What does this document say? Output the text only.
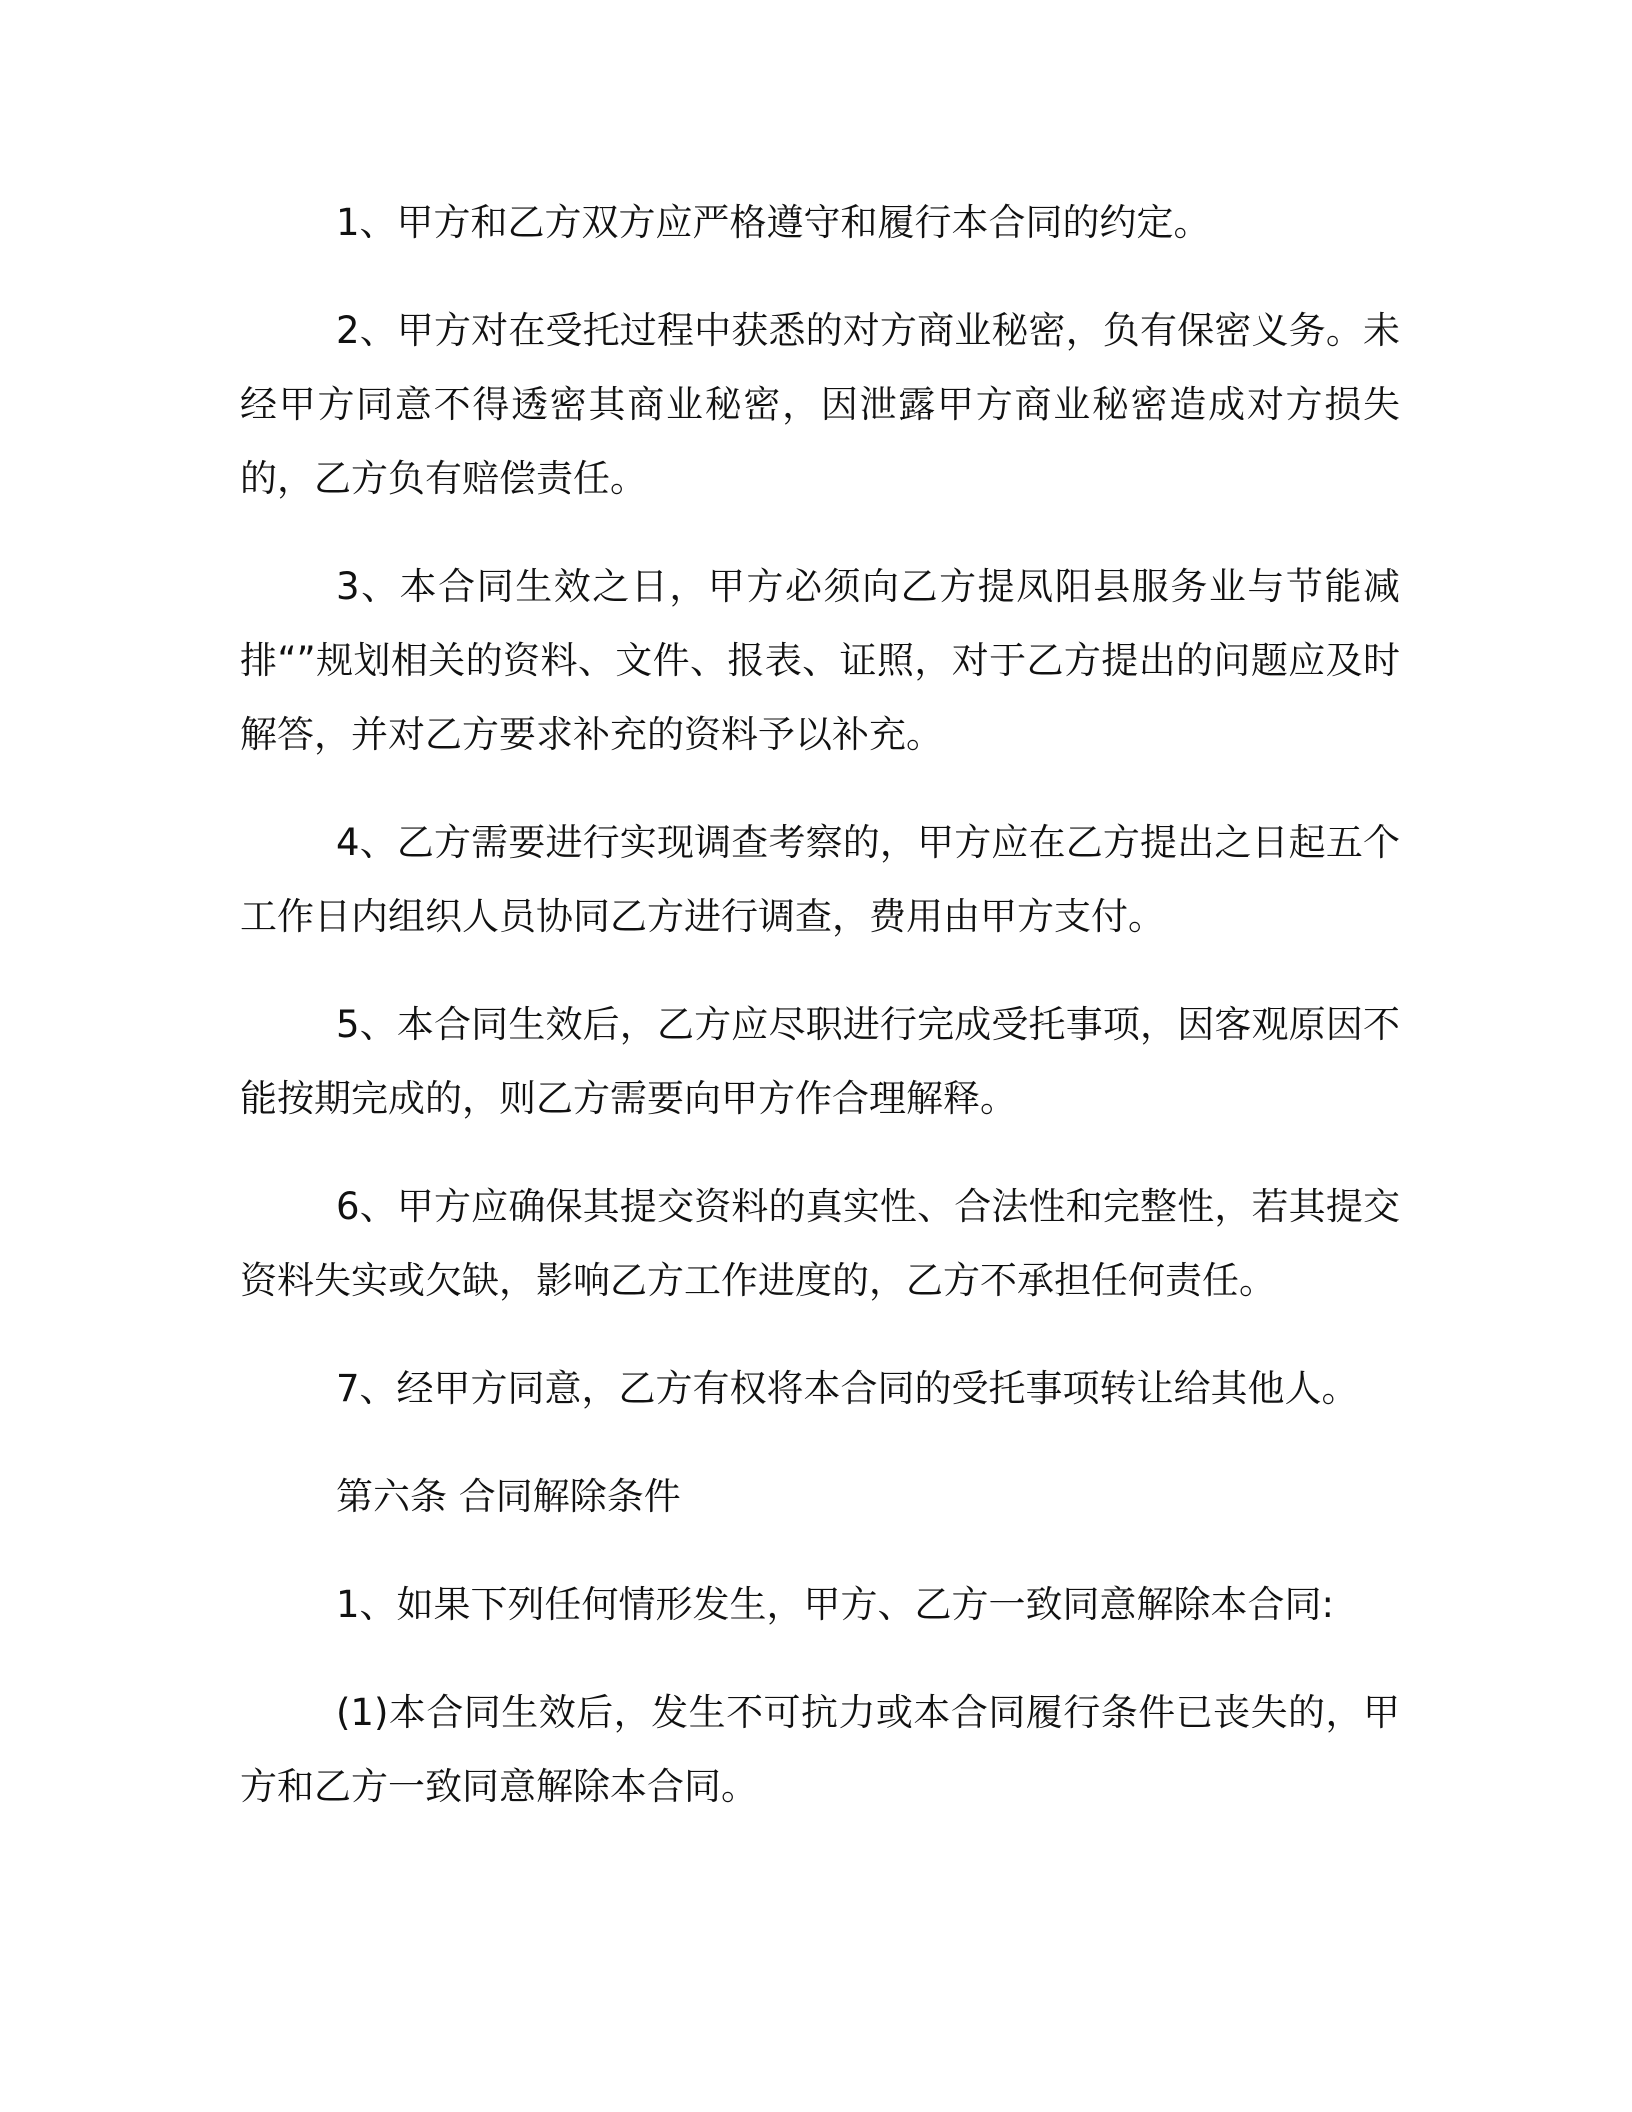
1、甲方和乙方双方应严格遵守和履行本合同的约定。

2、甲方对在受托过程中获悉的对方商业秘密，负有保密义务。未经甲方同意不得透密其商业秘密，因泄露甲方商业秘密造成对方损失的，乙方负有赔偿责任。

3、本合同生效之日，甲方必须向乙方提凤阳县服务业与节能减排“”规划相关的资料、文件、报表、证照，对于乙方提出的问题应及时解答，并对乙方要求补充的资料予以补充。

4、乙方需要进行实现调查考察的，甲方应在乙方提出之日起五个工作日内组织人员协同乙方进行调查，费用由甲方支付。

5、本合同生效后，乙方应尽职进行完成受托事项，因客观原因不能按期完成的，则乙方需要向甲方作合理解释。

6、甲方应确保其提交资料的真实性、合法性和完整性，若其提交资料失实或欠缺，影响乙方工作进度的，乙方不承担任何责任。

7、经甲方同意，乙方有权将本合同的受托事项转让给其他人。

第六条 合同解除条件

1、如果下列任何情形发生，甲方、乙方一致同意解除本合同:

(1)本合同生效后，发生不可抗力或本合同履行条件已丧失的，甲方和乙方一致同意解除本合同。
